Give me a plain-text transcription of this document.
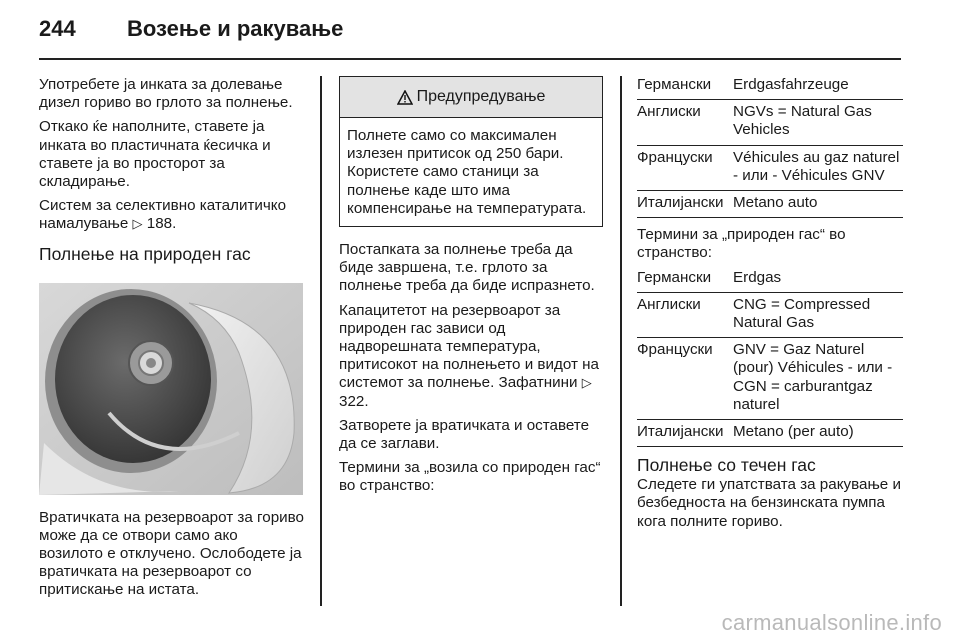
244 Возење и ракување

Употребете ја инката за долевање дизел гориво во грлото за полнење.

Откако ќе наполните, ставете ја инката во пластичната ќесичка и ставете ја во просторот за складирање.

Систем за селективно каталитичко намалување ▷ 188.

Полнење на природен гас

Вратичката на резервоарот за гориво може да се отвори само ако возилото е отклучено. Ослободете ја вратичката на резервоарот со притискање на истата.

Предупредување
Полнете само со максимален излезен притисок од 250 бари. Користете само станици за полнење каде што има компенсирање на температурата.

Постапката за полнење треба да биде завршена, т.е. грлото за полнење треба да биде испразнето.

Капацитетот на резервоарот за природен гас зависи од надворешната температура, притисокот на полнењето и видот на системот за полнење. Зафатнини ▷ 322.

Затворете ја вратичката и оставете да се заглави.

Термини за „возила со природен гас“ во странство:

Германски	Erdgasfahrzeuge
Англиски	NGVs = Natural Gas Vehicles
Француски	Véhicules au gaz naturel - или - Véhicules GNV
Италијански	Metano auto

Термини за „природен гас“ во странство:

Германски	Erdgas
Англиски	CNG = Compressed Natural Gas
Француски	GNV = Gaz Naturel (pour) Véhicules - или -
CGN = carburantgaz naturel

Италијански	Metano (per auto)
Полнење со течен гас

Следете ги упатствата за ракување и безбедноста на бензинската пумпа кога полните гориво.

carmanualsonline.info
